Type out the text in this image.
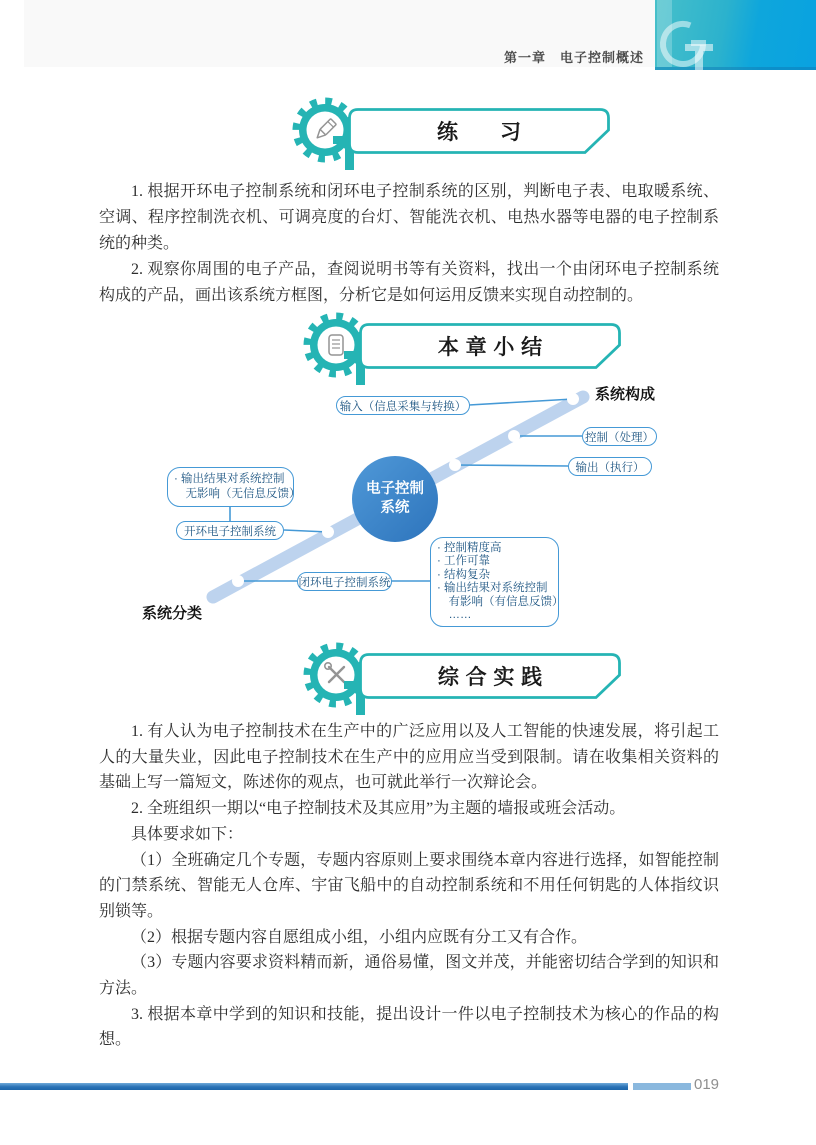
第一章　电子控制概述
练　　习

1. 根据开环电子控制系统和闭环电子控制系统的区别，判断电子表、电取暖系统、空调、程序控制洗衣机、可调亮度的台灯、智能洗衣机、电热水器等电器的电子控制系统的种类。

2. 观察你周围的电子产品，查阅说明书等有关资料，找出一个由闭环电子控制系统构成的产品，画出该系统方框图，分析它是如何运用反馈来实现自动控制的。

本章小结
系统构成
系统分类
输入（信息采集与转换）
控制（处理）
输出（执行）
开环电子控制系统
闭环电子控制系统
· 输出结果对系统控制
　无影响（无信息反馈）
· 控制精度高
· 工作可靠
· 结构复杂
· 输出结果对系统控制
　有影响（有信息反馈）
　……
电子控制
系统
综合实践

1. 有人认为电子控制技术在生产中的广泛应用以及人工智能的快速发展，将引起工人的大量失业，因此电子控制技术在生产中的应用应当受到限制。请在收集相关资料的基础上写一篇短文，陈述你的观点，也可就此举行一次辩论会。

2. 全班组织一期以“电子控制技术及其应用”为主题的墙报或班会活动。

具体要求如下：

（1）全班确定几个专题，专题内容原则上要求围绕本章内容进行选择，如智能控制的门禁系统、智能无人仓库、宇宙飞船中的自动控制系统和不用任何钥匙的人体指纹识别锁等。

（2）根据专题内容自愿组成小组，小组内应既有分工又有合作。

（3）专题内容要求资料精而新，通俗易懂，图文并茂，并能密切结合学到的知识和方法。

3. 根据本章中学到的知识和技能，提出设计一件以电子控制技术为核心的作品的构想。

019
